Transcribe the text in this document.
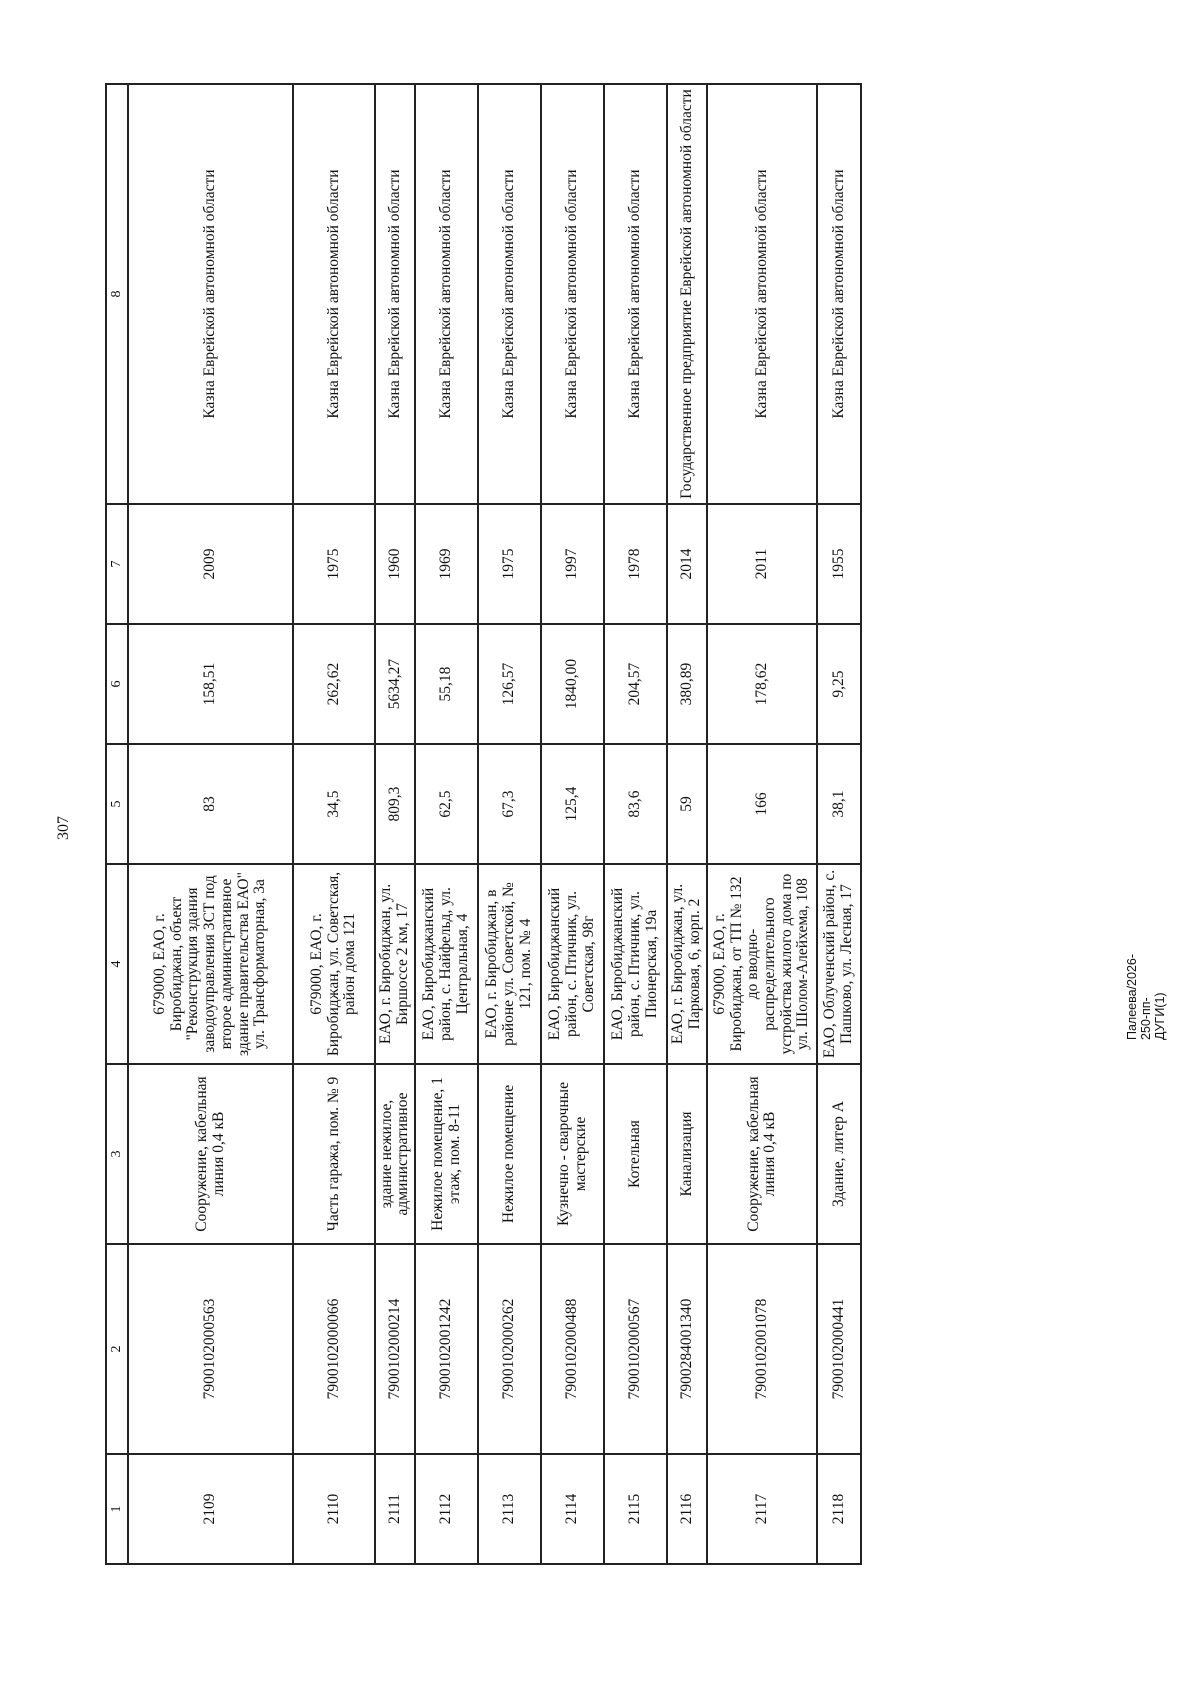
307
1	2	3	4	5	6	7	8
2109	7900102000563	Сооружение, кабельная линия 0,4 кВ	679000, ЕАО, г. Биробиджан, объект "Реконструкция здания заводоуправления ЗСТ под второе административное здание правительства ЕАО" ул. Трансформаторная, 3а	83	158,51	2009	Казна Еврейской автономной области
2110	7900102000066	Часть гаража, пом. № 9	679000, ЕАО, г. Биробиджан, ул. Советская, район дома 121	34,5	262,62	1975	Казна Еврейской автономной области
2111	7900102000214	здание нежилое, административное	ЕАО, г. Биробиджан, ул. Биршоссе 2 км, 17	809,3	5634,27	1960	Казна Еврейской автономной области
2112	7900102001242	Нежилое помещение, 1 этаж, пом. 8-11	ЕАО, Биробиджанский район, с. Найфельд, ул. Центральная, 4	62,5	55,18	1969	Казна Еврейской автономной области
2113	7900102000262	Нежилое помещение	ЕАО, г. Биробиджан, в районе ул. Советской, № 121, пом. № 4	67,3	126,57	1975	Казна Еврейской автономной области
2114	7900102000488	Кузнечно - сварочные мастерские	ЕАО, Биробиджанский район, с. Птичник, ул. Советская, 98г	125,4	1840,00	1997	Казна Еврейской автономной области
2115	7900102000567	Котельная	ЕАО, Биробиджанский район, с. Птичник, ул. Пионерская, 19а	83,6	204,57	1978	Казна Еврейской автономной области
2116	7900284001340	Канализация	ЕАО, г. Биробиджан, ул. Парковая, 6, корп. 2	59	380,89	2014	Государственное предприятие Еврейской автономной области
2117	7900102001078	Сооружение, кабельная линия 0,4 кВ	679000, ЕАО, г. Биробиджан, от ТП № 132 до вводно-распределительного устройства жилого дома по ул. Шолом-Алейхема, 108	166	178,62	2011	Казна Еврейской автономной области
2118	7900102000441	Здание, литер А	ЕАО, Облученский район, с. Пашково, ул. Лесная, 17	38,1	9,25	1955	Казна Еврейской автономной области
Палеева/2026-250-пп-ДУГИ(1)
